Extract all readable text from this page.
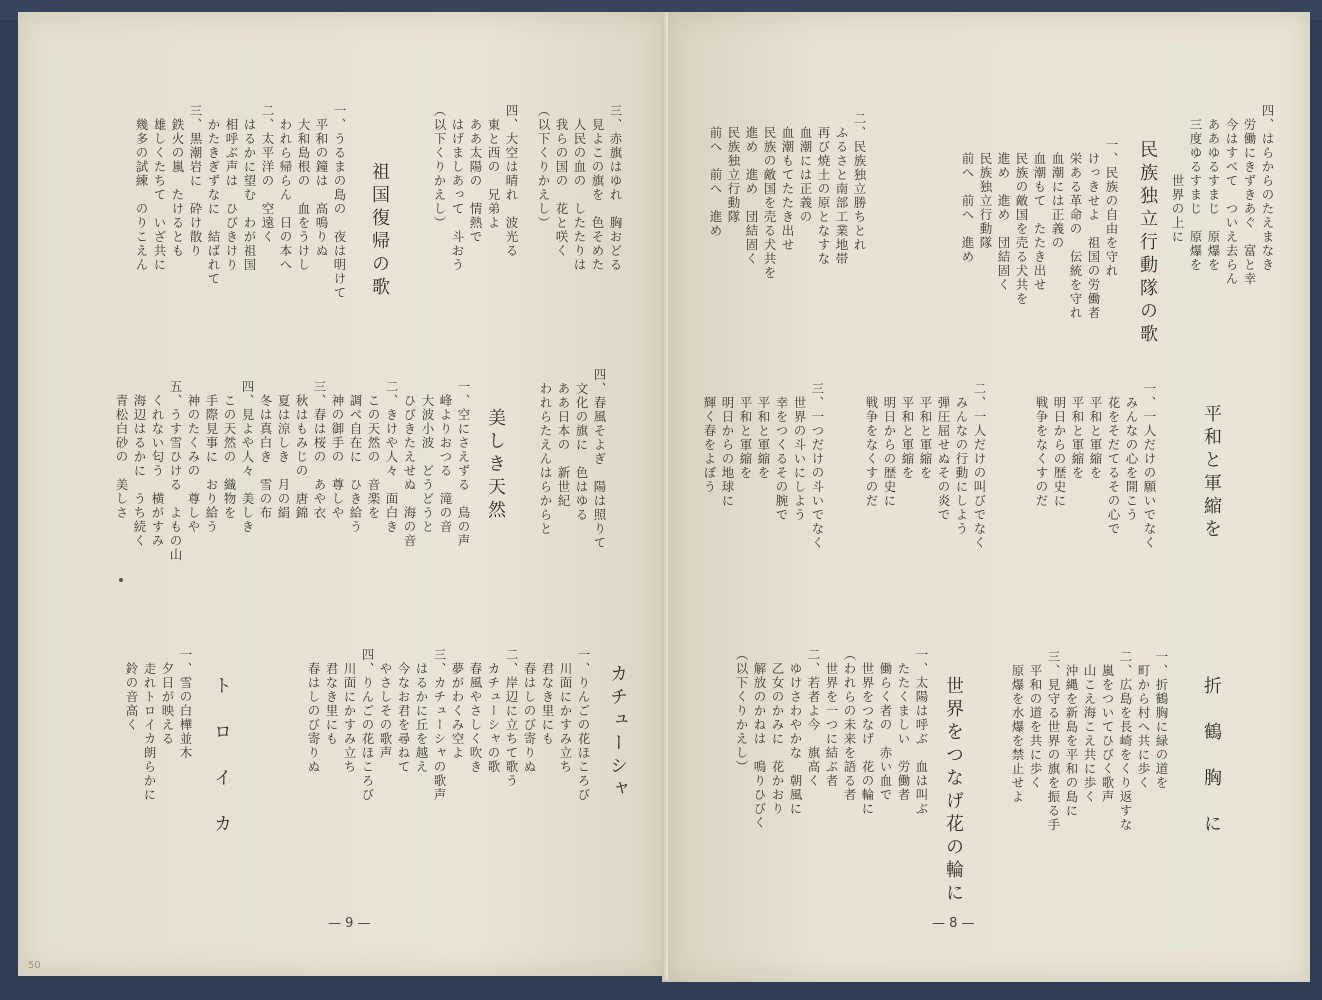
三、赤旗はゆれ　胸おどる
　見よこの旗を　色そめた
　人民の血の　したたりは
　我らの国の　花と咲く
（以下くりかえし）
四、大空は晴れ　波光る
　東と西の　兄弟よ
　ああ太陽の　情熱で
　はげましあって　斗おう
（以下くりかえし）
祖国復帰の歌
一、うるまの島の　夜は明けて
　平和の鐘は　高鳴りぬ
　大和島根の　血をうけし
　われら帰らん　日の本へ
二、太平洋の　空遠く
　はるかに望む　わが祖国
　相呼ぶ声は　ひびきけり
　かたきぎずなに　結ばれて
三、黒潮岩に　砕け散り
　鉄火の嵐　たけるとも
　雄しくたちて　いざ共に
　幾多の試練　のりこえん
四、春風そよぎ　陽は照りて
　文化の旗に　色はゆる
　ああ日本の　新世紀
　われらたえんはらからと
美しき天然
一、空にさえずる　鳥の声
　峰よりおつる　滝の音
　大波小波　どうどうと
　ひびきたえせぬ　海の音
二、きけや人々　面白き
　この天然の　音楽を
　調べ自在に　ひき給う
　神の御手の　尊しや
三、春は桜の　あや衣
　秋はもみじの　唐錦
　夏は涼しき　月の絹
　冬は真白き　雪の布
四、見よや人々　美しき
　この天然の　織物を
　手際見事に　おり給う
　神のたくみの　尊しや
五、うす雪ひける　よもの山
　くれない匂う　横がすみ
　海辺はるかに　うち続く
　青松白砂の　美しさ
カチューシャ
一、りんごの花ほころび
　川面にかすみ立ち
　君なき里にも
　春はしのび寄りぬ
二、岸辺に立ちて歌う
　カチューシャの歌
　春風やさしく吹き
　夢がわくみ空よ
三、カチューシャの歌声
　はるかに丘を越え
　今なお君を尋ねて
　やさしその歌声
四、りんごの花ほころび
　川面にかすみ立ち
　君なき里にも
　春はしのび寄りぬ
ト　ロ　イ　カ
一、雪の白樺並木
　夕日が映える
　走れトロイカ朗らかに
　鈴の音高く
— 9 —
50
四、はらからのたえまなき
　労働にきずきあぐ　富と幸
　今はすべて　ついえ去らん
　ああゆるすまじ　原爆を
　三度ゆるすまじ　原爆を
　　　　　世界の上に
民族独立行動隊の歌
一、民族の自由を守れ
　けっきせよ　祖国の労働者
　栄ある革命の　伝統を守れ
　血潮には正義の
　血潮もて　たたき出せ
　民族の敵国を売る犬共を
　進め　進め　団結固く
　民族独立行動隊
　前へ　前へ　進め
二、民族独立勝ちとれ
　ふるさと南部工業地帯
　再び焼土の原となすな
　血潮には正義の
　血潮もてたたき出せ
　民族の敵国を売る犬共を
　進め　進め　団結固く
　民族独立行動隊
　前へ　前へ　進め
平和と軍縮を
一、一人だけの願いでなく
　みんなの心を開こう
　花をそだてるその心で
　平和と軍縮を
　平和と軍縮を
　明日からの歴史に
　戦争をなくすのだ
二、一人だけの叫びでなく
　みんなの行動にしよう
　弾圧屈せぬその炎で
　平和と軍縮を
　平和と軍縮を
　明日からの歴史に
　戦争をなくすのだ
三、一つだけの斗いでなく
　世界の斗いにしよう
　幸をつくるその腕で
　平和と軍縮を
　平和と軍縮を
　明日からの地球に
　輝く春をよぼう
折　鶴　胸　に
一、折鶴胸に緑の道を
　町から村へ共に歩く
二、広島を長崎をくり返すな
　嵐をついてひびく歌声
　山こえ海こえ共に歩く
　沖縄を新島を平和の島に
三、見守る世界の旗を振る手
　平和の道を共に歩く
　原爆を水爆を禁止せよ
世界をつなげ花の輪に
一、太陽は呼ぶ　血は叫ぶ
　たたくましい　労働者
　働らく者の　赤い血で
　世界をつなげ　花の輪に
（われらの未来を語る者
　世界を一つに結ぶ者
二、若者よ今　旗高く
　ゆけさわやかな　朝風に
　乙女のかみに　花かおり
　解放のかねは　鳴りひびく
（以下くりかえし）
— 8 —
